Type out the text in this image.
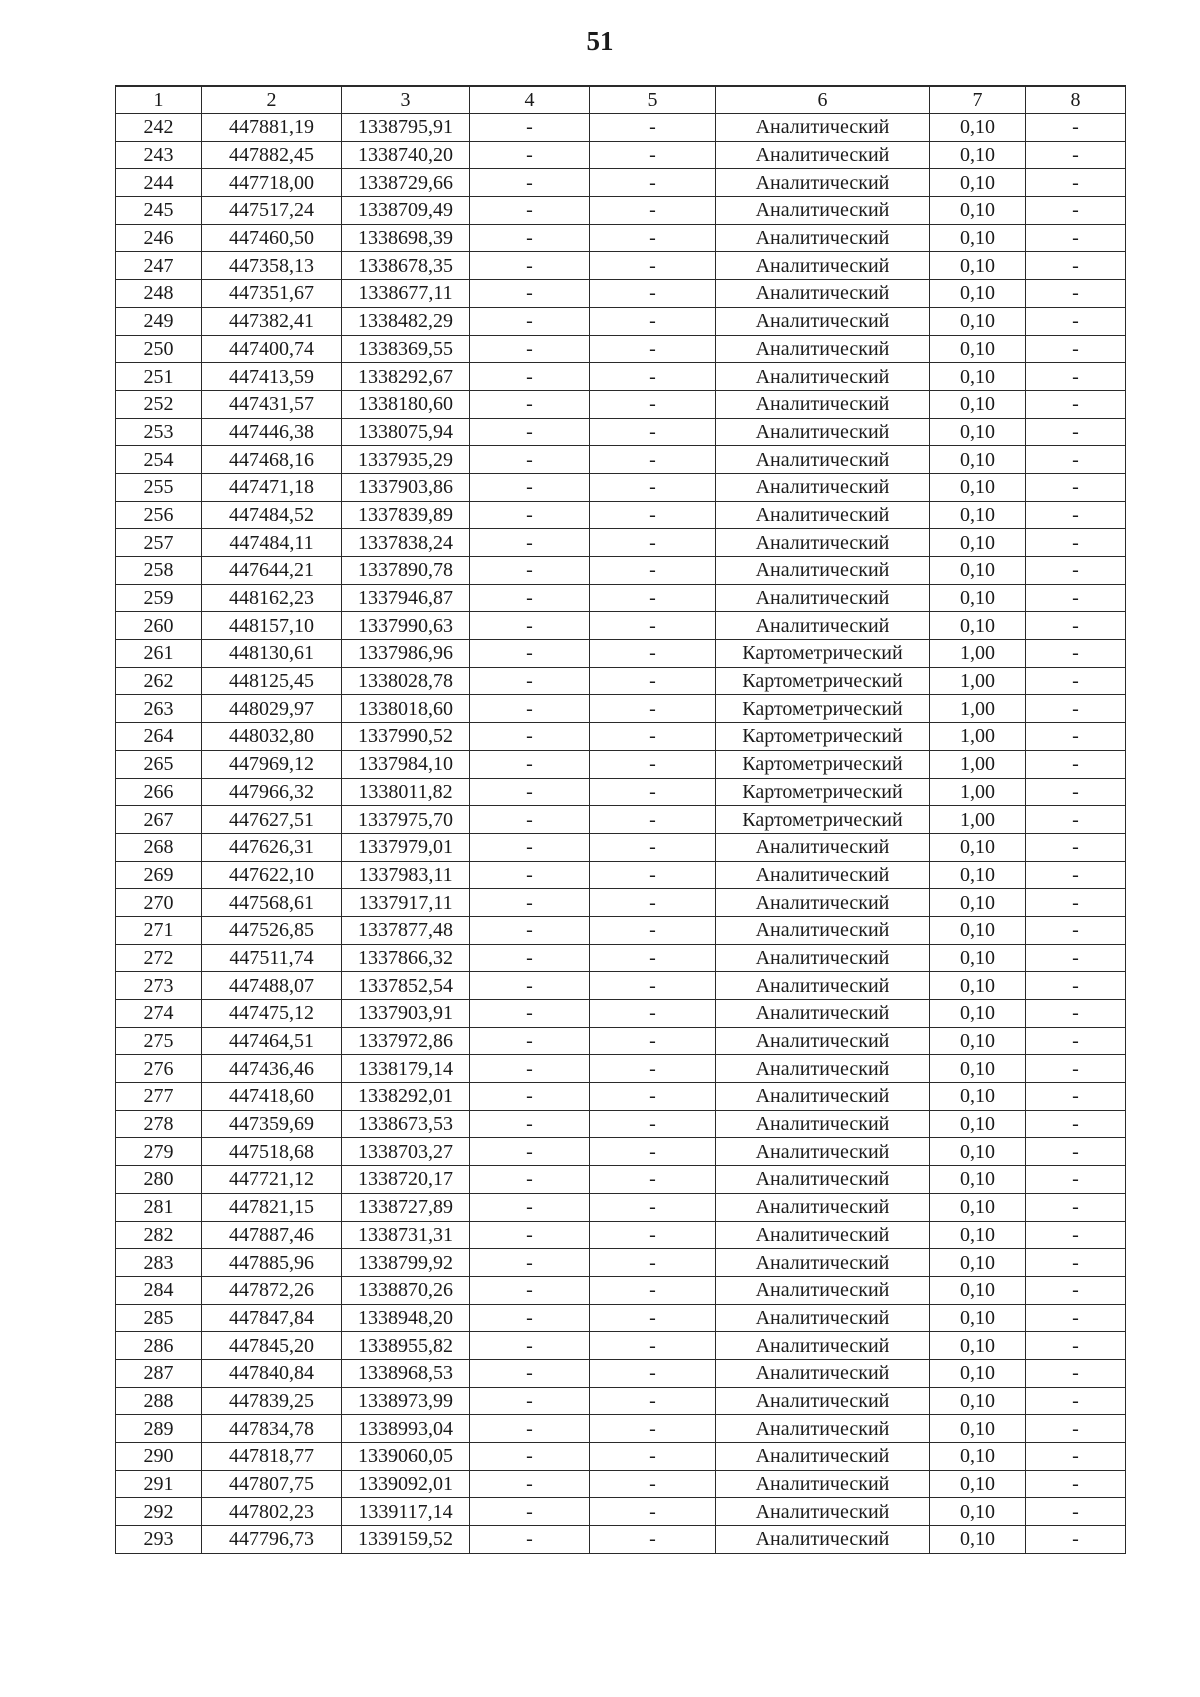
51
1	2	3	4	5	6	7	8
242	447881,19	1338795,91	-	-	Аналитический	0,10	-
243	447882,45	1338740,20	-	-	Аналитический	0,10	-
244	447718,00	1338729,66	-	-	Аналитический	0,10	-
245	447517,24	1338709,49	-	-	Аналитический	0,10	-
246	447460,50	1338698,39	-	-	Аналитический	0,10	-
247	447358,13	1338678,35	-	-	Аналитический	0,10	-
248	447351,67	1338677,11	-	-	Аналитический	0,10	-
249	447382,41	1338482,29	-	-	Аналитический	0,10	-
250	447400,74	1338369,55	-	-	Аналитический	0,10	-
251	447413,59	1338292,67	-	-	Аналитический	0,10	-
252	447431,57	1338180,60	-	-	Аналитический	0,10	-
253	447446,38	1338075,94	-	-	Аналитический	0,10	-
254	447468,16	1337935,29	-	-	Аналитический	0,10	-
255	447471,18	1337903,86	-	-	Аналитический	0,10	-
256	447484,52	1337839,89	-	-	Аналитический	0,10	-
257	447484,11	1337838,24	-	-	Аналитический	0,10	-
258	447644,21	1337890,78	-	-	Аналитический	0,10	-
259	448162,23	1337946,87	-	-	Аналитический	0,10	-
260	448157,10	1337990,63	-	-	Аналитический	0,10	-
261	448130,61	1337986,96	-	-	Картометрический	1,00	-
262	448125,45	1338028,78	-	-	Картометрический	1,00	-
263	448029,97	1338018,60	-	-	Картометрический	1,00	-
264	448032,80	1337990,52	-	-	Картометрический	1,00	-
265	447969,12	1337984,10	-	-	Картометрический	1,00	-
266	447966,32	1338011,82	-	-	Картометрический	1,00	-
267	447627,51	1337975,70	-	-	Картометрический	1,00	-
268	447626,31	1337979,01	-	-	Аналитический	0,10	-
269	447622,10	1337983,11	-	-	Аналитический	0,10	-
270	447568,61	1337917,11	-	-	Аналитический	0,10	-
271	447526,85	1337877,48	-	-	Аналитический	0,10	-
272	447511,74	1337866,32	-	-	Аналитический	0,10	-
273	447488,07	1337852,54	-	-	Аналитический	0,10	-
274	447475,12	1337903,91	-	-	Аналитический	0,10	-
275	447464,51	1337972,86	-	-	Аналитический	0,10	-
276	447436,46	1338179,14	-	-	Аналитический	0,10	-
277	447418,60	1338292,01	-	-	Аналитический	0,10	-
278	447359,69	1338673,53	-	-	Аналитический	0,10	-
279	447518,68	1338703,27	-	-	Аналитический	0,10	-
280	447721,12	1338720,17	-	-	Аналитический	0,10	-
281	447821,15	1338727,89	-	-	Аналитический	0,10	-
282	447887,46	1338731,31	-	-	Аналитический	0,10	-
283	447885,96	1338799,92	-	-	Аналитический	0,10	-
284	447872,26	1338870,26	-	-	Аналитический	0,10	-
285	447847,84	1338948,20	-	-	Аналитический	0,10	-
286	447845,20	1338955,82	-	-	Аналитический	0,10	-
287	447840,84	1338968,53	-	-	Аналитический	0,10	-
288	447839,25	1338973,99	-	-	Аналитический	0,10	-
289	447834,78	1338993,04	-	-	Аналитический	0,10	-
290	447818,77	1339060,05	-	-	Аналитический	0,10	-
291	447807,75	1339092,01	-	-	Аналитический	0,10	-
292	447802,23	1339117,14	-	-	Аналитический	0,10	-
293	447796,73	1339159,52	-	-	Аналитический	0,10	-
